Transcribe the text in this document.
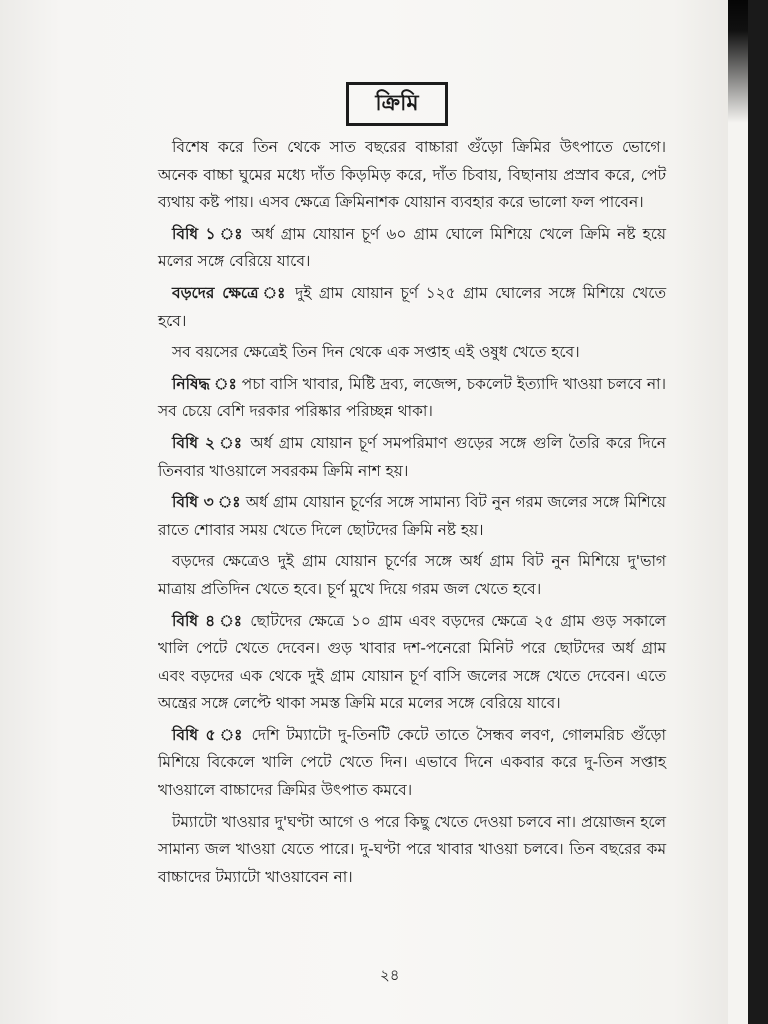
ক্রিমি

বিশেষ করে তিন থেকে সাত বছরের বাচ্চারা গুঁড়ো ক্রিমির উৎপাতে ভোগে। অনেক বাচ্চা ঘুমের মধ্যে দাঁত কিড়মিড় করে, দাঁত চিবায়, বিছানায় প্রস্রাব করে, পেট ব্যথায় কষ্ট পায়। এসব ক্ষেত্রে ক্রিমিনাশক যোয়ান ব্যবহার করে ভালো ফল পাবেন।

বিধি ১ ঃ অর্ধ গ্রাম যোয়ান চূর্ণ ৬০ গ্রাম ঘোলে মিশিয়ে খেলে ক্রিমি নষ্ট হয়ে মলের সঙ্গে বেরিয়ে যাবে।

বড়দের ক্ষেত্রে ঃ দুই গ্রাম যোয়ান চূর্ণ ১২৫ গ্রাম ঘোলের সঙ্গে মিশিয়ে খেতে হবে।

সব বয়সের ক্ষেত্রেই তিন দিন থেকে এক সপ্তাহ এই ওষুধ খেতে হবে।

নিষিদ্ধ ঃ পচা বাসি খাবার, মিষ্টি দ্রব্য, লজেন্স, চকলেট ইত্যাদি খাওয়া চলবে না। সব চেয়ে বেশি দরকার পরিষ্কার পরিচ্ছন্ন থাকা।

বিধি ২ ঃ অর্ধ গ্রাম যোয়ান চূর্ণ সমপরিমাণ গুড়ের সঙ্গে গুলি তৈরি করে দিনে তিনবার খাওয়ালে সবরকম ক্রিমি নাশ হয়।

বিধি ৩ ঃ অর্ধ গ্রাম যোয়ান চূর্ণের সঙ্গে সামান্য বিট নুন গরম জলের সঙ্গে মিশিয়ে রাতে শোবার সময় খেতে দিলে ছোটদের ক্রিমি নষ্ট হয়।

বড়দের ক্ষেত্রেও দুই গ্রাম যোয়ান চূর্ণের সঙ্গে অর্ধ গ্রাম বিট নুন মিশিয়ে দু'ভাগ মাত্রায় প্রতিদিন খেতে হবে। চূর্ণ মুখে দিয়ে গরম জল খেতে হবে।

বিধি ৪ ঃ ছোটদের ক্ষেত্রে ১০ গ্রাম এবং বড়দের ক্ষেত্রে ২৫ গ্রাম গুড় সকালে খালি পেটে খেতে দেবেন। গুড় খাবার দশ-পনেরো মিনিট পরে ছোটদের অর্ধ গ্রাম এবং বড়দের এক থেকে দুই গ্রাম যোয়ান চূর্ণ বাসি জলের সঙ্গে খেতে দেবেন। এতে অন্ত্রের সঙ্গে লেপ্টে থাকা সমস্ত ক্রিমি মরে মলের সঙ্গে বেরিয়ে যাবে।

বিধি ৫ ঃ দেশি টম্যাটো দু-তিনটি কেটে তাতে সৈন্ধব লবণ, গোলমরিচ গুঁড়ো মিশিয়ে বিকেলে খালি পেটে খেতে দিন। এভাবে দিনে একবার করে দু-তিন সপ্তাহ খাওয়ালে বাচ্চাদের ক্রিমির উৎপাত কমবে।

টম্যাটো খাওয়ার দু'ঘণ্টা আগে ও পরে কিছু খেতে দেওয়া চলবে না। প্রয়োজন হলে সামান্য জল খাওয়া যেতে পারে। দু-ঘণ্টা পরে খাবার খাওয়া চলবে। তিন বছরের কম বাচ্চাদের টম্যাটো খাওয়াবেন না।

২৪
